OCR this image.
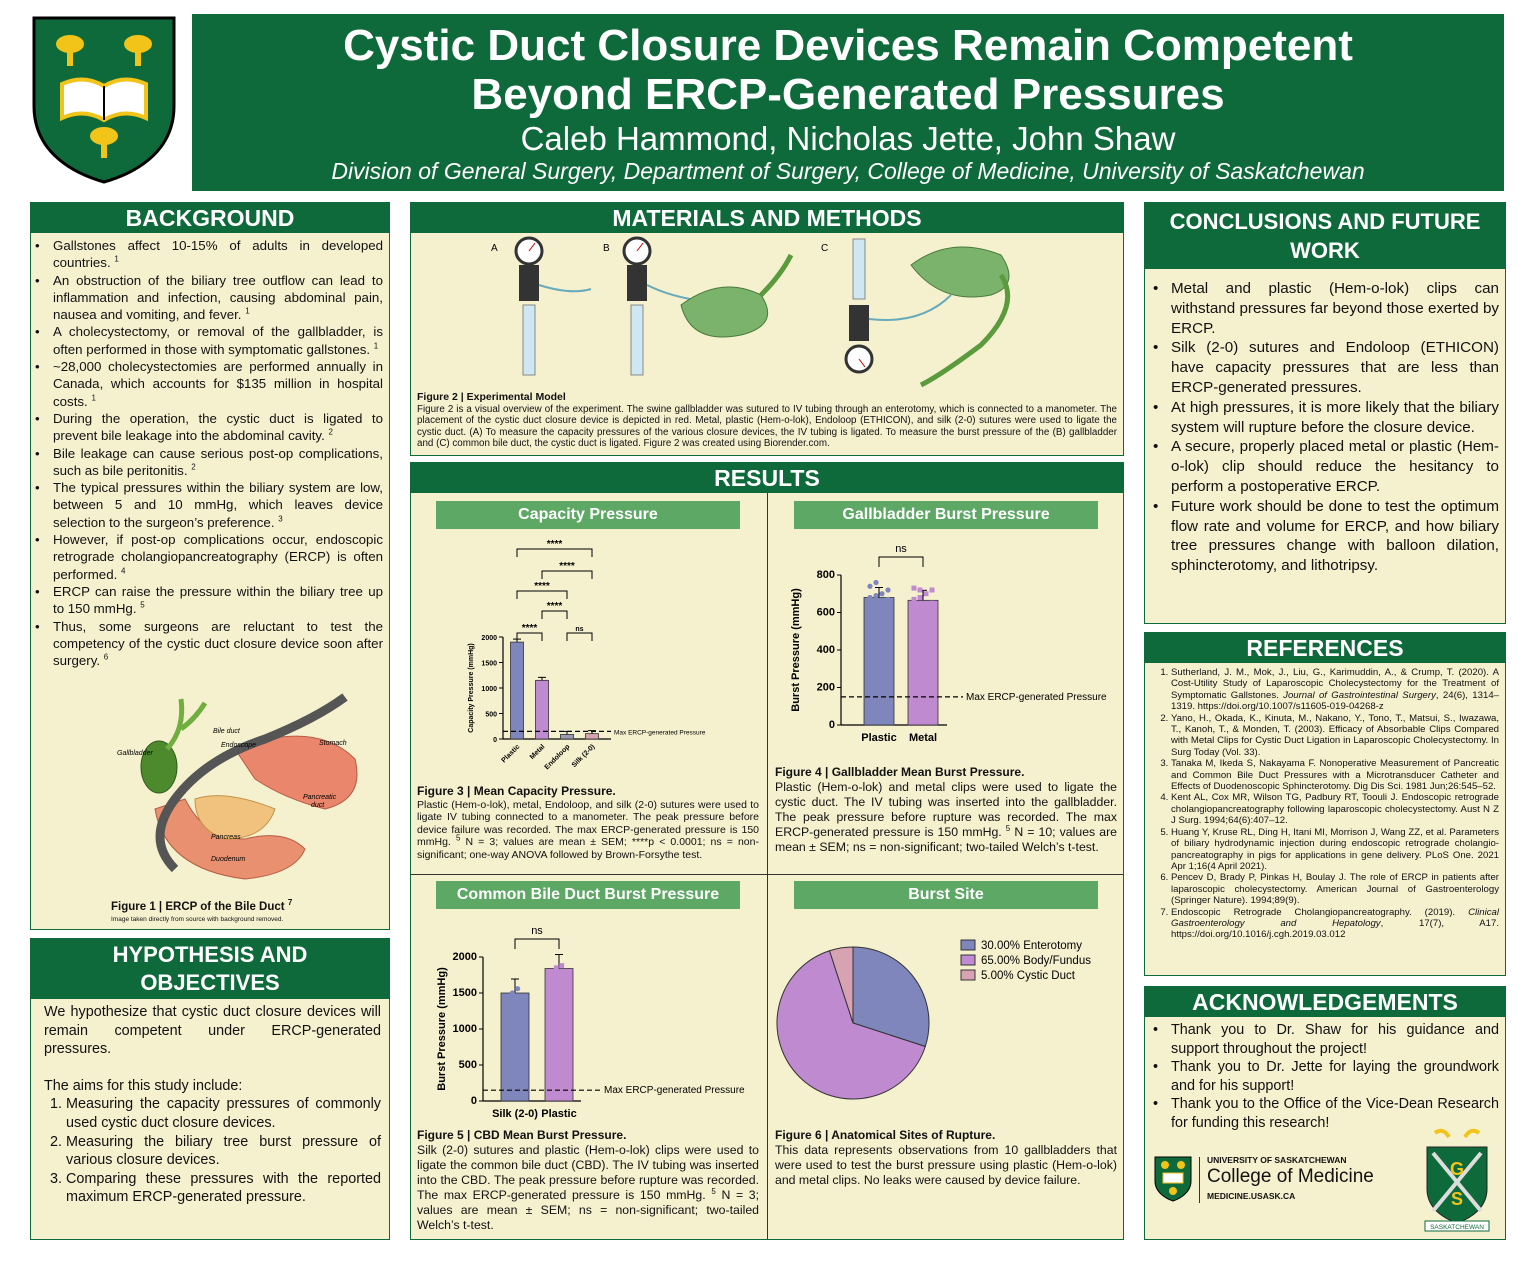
Cystic Duct Closure Devices Remain Competent
Beyond ERCP-Generated Pressures
Caleb Hammond, Nicholas Jette, John Shaw
Division of General Surgery, Department of Surgery, College of Medicine, University of Saskatchewan
BACKGROUND
• Gallstones affect 10-15% of adults in developed countries. $^1$
• An obstruction of the biliary tree outflow can lead to inflammation and infection, causing abdominal pain, nausea and vomiting, and fever. $^1$
• A cholecystectomy, or removal of the gallbladder, is often performed in those with symptomatic gallstones. $^1$
• ~28,000 cholecystectomies are performed annually in Canada, which accounts for $135 million in hospital costs. $^1$
• During the operation, the cystic duct is ligated to prevent bile leakage into the abdominal cavity. $^2$
• Bile leakage can cause serious post-op complications, such as bile peritonitis. $^2$
• The typical pressures within the biliary system are low, between 5 and 10 mmHg, which leaves device selection to the surgeon’s preference. $^3$
• However, if post-op complications occur, endoscopic retrograde cholangiopancreatography (ERCP) is often performed. $^4$
• ERCP can raise the pressure within the biliary tree up to 150 mmHg. $^5$
• Thus, some surgeons are reluctant to test the competency of the cystic duct closure device soon after surgery. $^6$
Bile duct
Endoscope	Stomach
Gallbladder
Pancreatic
duct
Pancreas
Duodenum
Figure 1 | ERCP of the Bile Duct $^7$
Image taken directly from source with background removed.
HYPOTHESIS AND
OBJECTIVES
We hypothesize that cystic duct closure devices will remain competent under ERCP-generated pressures.
The aims for this study include:
1. Measuring the capacity pressures of commonly used cystic duct closure devices.
2. Measuring the biliary tree burst pressure of various closure devices.
3. Comparing these pressures with the reported maximum ERCP-generated pressure.
MATERIALS AND METHODS
A	B	C
Figure 2 | Experimental Model
Figure 2 is a visual overview of the experiment. The swine gallbladder was sutured to IV tubing through an enterotomy, which is connected to a manometer. The placement of the cystic duct closure device is depicted in red. Metal, plastic (Hem-o-lok), Endoloop (ETHICON), and silk (2-0) sutures were used to ligate the cystic duct. (A) To measure the capacity pressures of the various closure devices, the IV tubing is ligated. To measure the burst pressure of the (B) gallbladder and (C) common bile duct, the cystic duct is ligated. Figure 2 was created using Biorender.com.
RESULTS
Capacity Pressure	Gallbladder Burst Pressure
Common Bile Duct Burst Pressure	Burst Site
0
500
1000
1500
2000
Capacity Pressure (mmHg)
Plastic Metal
Endoloop Silk (2-0)
Max ERCP-generated Pressure
****
****
****
****
****	ns
Figure 3 | Mean Capacity Pressure.
Plastic (Hem-o-lok), metal, Endoloop, and silk (2-0) sutures were used to ligate IV tubing connected to a manometer. The peak pressure before device failure was recorded. The max ERCP-generated pressure is 150 mmHg. $^5$ N = 3; values are mean ± SEM; ****p < 0.0001; ns = non-significant; one-way ANOVA followed by Brown-Forsythe test.
0
200
400
600
800
Burst Pressure (mmHg)
Plastic Metal
Max ERCP-generated Pressure
ns
Figure 4 | Gallbladder Mean Burst Pressure.
Plastic (Hem-o-lok) and metal clips were used to ligate the cystic duct. The IV tubing was inserted into the gallbladder. The peak pressure before rupture was recorded. The max ERCP-generated pressure is 150 mmHg. $^5$ N = 10; values are mean ± SEM; ns = non-significant; two-tailed Welch’s t-test.
0
500
1000
1500
2000
Burst Pressure (mmHg)
Silk (2-0) Plastic
Max ERCP-generated Pressure
ns
Figure 5 | CBD Mean Burst Pressure.
Silk (2-0) sutures and plastic (Hem-o-lok) clips were used to ligate the common bile duct (CBD). The IV tubing was inserted into the CBD. The peak pressure before rupture was recorded. The max ERCP-generated pressure is 150 mmHg. $^5$ N = 3; values are mean ± SEM; ns = non-significant; two-tailed Welch’s t-test.
30.00% Enterotomy
65.00% Body/Fundus
5.00% Cystic Duct
Figure 6 | Anatomical Sites of Rupture.
This data represents observations from 10 gallbladders that were used to test the burst pressure using plastic (Hem-o-lok) and metal clips. No leaks were caused by device failure.
CONCLUSIONS AND FUTURE
WORK
• Metal and plastic (Hem-o-lok) clips can withstand pressures far beyond those exerted by ERCP.
• Silk (2-0) sutures and Endoloop (ETHICON) have capacity pressures that are less than ERCP-generated pressures.
• At high pressures, it is more likely that the biliary system will rupture before the closure device.
• A secure, properly placed metal or plastic (Hem-o-lok) clip should reduce the hesitancy to perform a postoperative ERCP.
• Future work should be done to test the optimum flow rate and volume for ERCP, and how biliary tree pressures change with balloon dilation, sphincterotomy, and lithotripsy.
REFERENCES
1. Sutherland, J. M., Mok, J., Liu, G., Karimuddin, A., & Crump, T. (2020). A Cost-Utility Study of Laparoscopic Cholecystectomy for the Treatment of Symptomatic Gallstones. Journal of Gastrointestinal Surgery, 24(6), 1314–1319. https://doi.org/10.1007/s11605-019-04268-z
2. Yano, H., Okada, K., Kinuta, M., Nakano, Y., Tono, T., Matsui, S., Iwazawa, T., Kanoh, T., & Monden, T. (2003). Efficacy of Absorbable Clips Compared with Metal Clips for Cystic Duct Ligation in Laparoscopic Cholecystectomy. In Surg Today (Vol. 33).
3. Tanaka M, Ikeda S, Nakayama F. Nonoperative Measurement of Pancreatic and Common Bile Duct Pressures with a Microtransducer Catheter and Effects of Duodenoscopic Sphincterotomy. Dig Dis Sci. 1981 Jun;26:545–52.
4. Kent AL, Cox MR, Wilson TG, Padbury RT, Toouli J. Endoscopic retrograde cholangiopancreatography following laparoscopic cholecystectomy. Aust N Z J Surg. 1994;64(6):407–12.
5. Huang Y, Kruse RL, Ding H, Itani MI, Morrison J, Wang ZZ, et al. Parameters of biliary hydrodynamic injection during endoscopic retrograde cholangio-pancreatography in pigs for applications in gene delivery. PLoS One. 2021 Apr 1;16(4 April 2021).
6. Pencev D, Brady P, Pinkas H, Boulay J. The role of ERCP in patients after laparoscopic cholecystectomy. American Journal of Gastroenterology (Springer Nature). 1994;89(9).
7. Endoscopic Retrograde Cholangiopancreatography. (2019). Clinical Gastroenterology and Hepatology, 17(7), A17. https://doi.org/10.1016/j.cgh.2019.03.012
ACKNOWLEDGEMENTS
• Thank you to Dr. Shaw for his guidance and support throughout the project!
• Thank you to Dr. Jette for laying the groundwork and for his support!
• Thank you to the Office of the Vice-Dean Research for funding this research!
UNIVERSITY OF SASKATCHEWAN
College of Medicine
MEDICINE.USASK.CA
G
S
SASKATCHEWAN
